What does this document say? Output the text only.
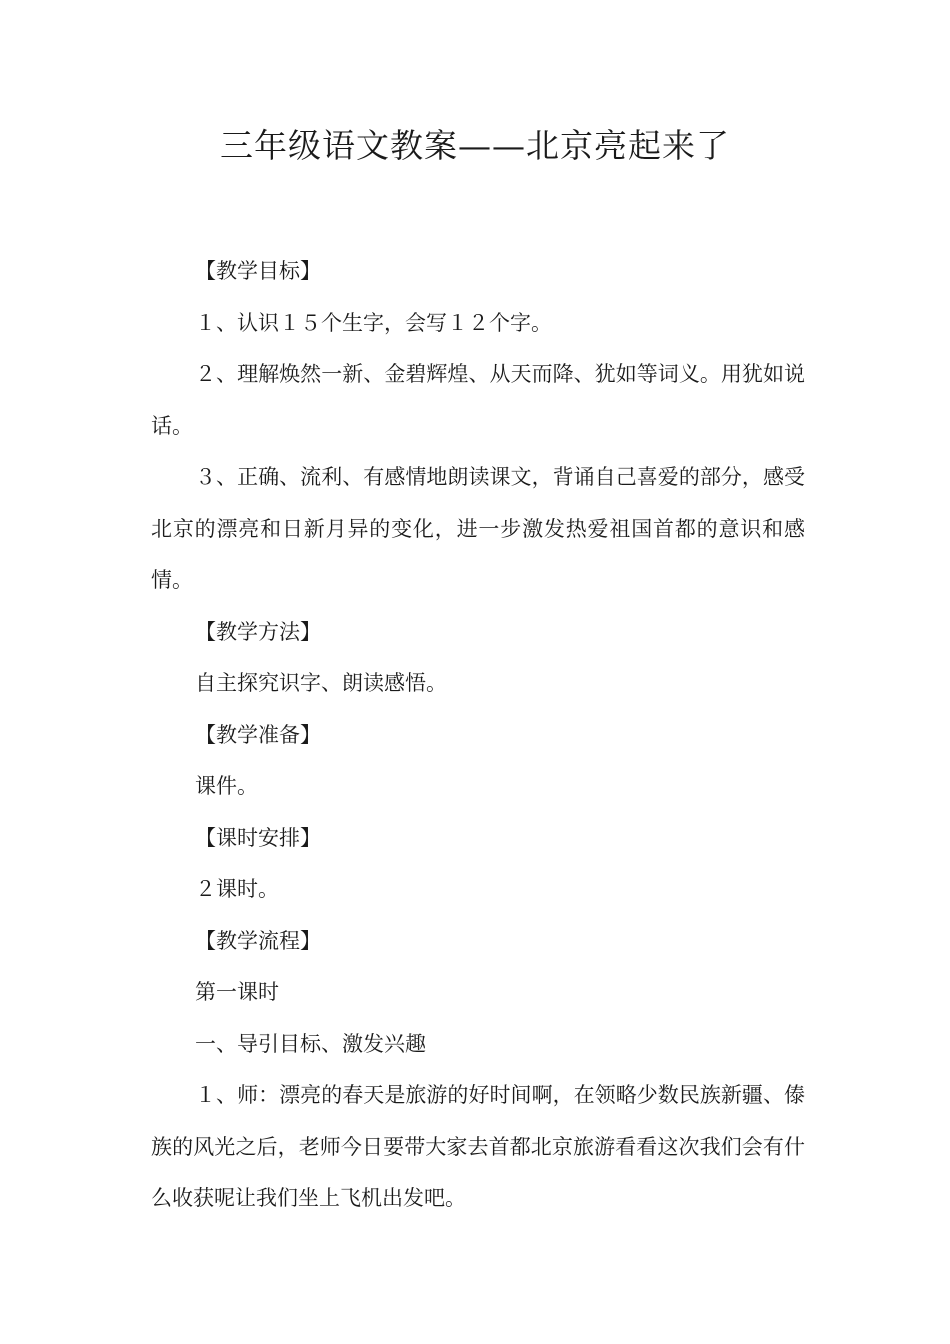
三年级语文教案——北京亮起来了

【教学目标】

１、认识１５个生字，会写１２个字。

２、理解焕然一新、金碧辉煌、从天而降、犹如等词义。用犹如说话。

３、正确、流利、有感情地朗读课文，背诵自己喜爱的部分，感受北京的漂亮和日新月异的变化，进一步激发热爱祖国首都的意识和感情。

【教学方法】

自主探究识字、朗读感悟。

【教学准备】

课件。

【课时安排】

２课时。

【教学流程】

第一课时

一、导引目标、激发兴趣

１、师：漂亮的春天是旅游的好时间啊，在领略少数民族新疆、傣族的风光之后，老师今日要带大家去首都北京旅游看看这次我们会有什么收获呢让我们坐上飞机出发吧。
